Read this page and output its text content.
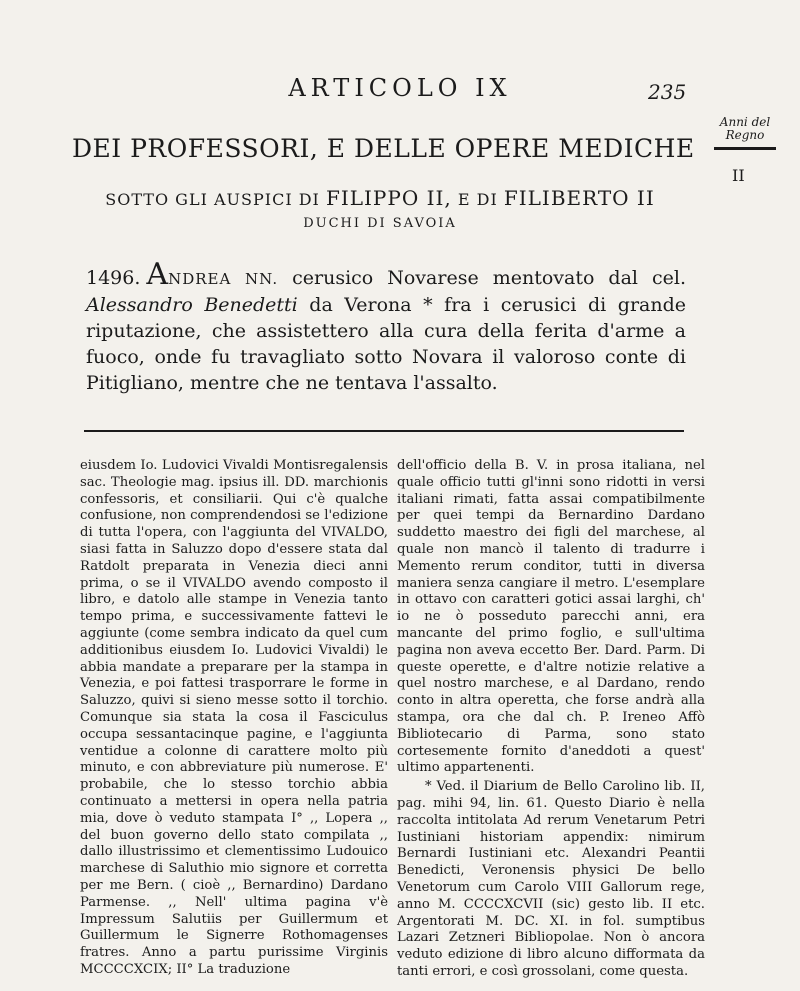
ARTICOLO IX	235
Anni del Regno
II
DEI PROFESSORI, E DELLE OPERE MEDICHE
SOTTO GLI AUSPICI DI FILIPPO II, E DI FILIBERTO II
DUCHI DI SAVOIA
1496. ANDREA NN. cerusico Novarese mentovato dal cel. Alessandro Benedetti da Verona * fra i cerusici di grande riputazione, che assistettero alla cura della ferita d'arme a fuoco, onde fu travagliato sotto Novara il valoroso conte di Pitigliano, mentre che ne tentava l'assalto.

eiusdem Io. Ludovici Vivaldi Montisregalensis sac. Theologie mag. ipsius ill. DD. marchionis confessoris, et consiliarii. Qui c'è qualche confusione, non comprendendosi se l'edizione di tutta l'opera, con l'aggiunta del VIVALDO, siasi fatta in Saluzzo dopo d'essere stata dal Ratdolt preparata in Venezia dieci anni prima, o se il VIVALDO avendo composto il libro, e datolo alle stampe in Venezia tanto tempo prima, e successivamente fattevi le aggiunte (come sembra indicato da quel cum additionibus eiusdem Io. Ludovici Vivaldi) le abbia mandate a preparare per la stampa in Venezia, e poi fattesi trasporrare le forme in Saluzzo, quivi si sieno messe sotto il torchio. Comunque sia stata la cosa il Fasciculus occupa sessantacinque pagine, e l'aggiunta ventidue a colonne di carattere molto più minuto, e con abbreviature più numerose. E' probabile, che lo stesso torchio abbia continuato a mettersi in opera nella patria mia, dove ò veduto stampata I° ,, Lopera ,, del buon governo dello stato compilata ,, dallo illustrissimo et clementissimo Ludouico marchese di Saluthio mio signore et corretta per me Bern. ( cioè ,, Bernardino) Dardano Parmense. ,, Nell' ultima pagina v'è Impressum Salutiis per Guillermum et Guillermum le Signerre Rothomagenses fratres. Anno a partu purissime Virginis MCCCCXCIX; II° La traduzione

dell'officio della B. V. in prosa italiana, nel quale officio tutti gl'inni sono ridotti in versi italiani rimati, fatta assai compatibilmente per quei tempi da Bernardino Dardano suddetto maestro dei figli del marchese, al quale non mancò il talento di tradurre i Memento rerum conditor, tutti in diversa maniera senza cangiare il metro. L'esemplare in ottavo con caratteri gotici assai larghi, ch' io ne ò posseduto parecchi anni, era mancante del primo foglio, e sull'ultima pagina non aveva eccetto Ber. Dard. Parm. Di queste operette, e d'altre notizie relative a quel nostro marchese, e al Dardano, rendo conto in altra operetta, che forse andrà alla stampa, ora che dal ch. P. Ireneo Affò Bibliotecario di Parma, sono stato cortesemente fornito d'aneddoti a quest' ultimo appartenenti.

* Ved. il Diarium de Bello Carolino lib. II, pag. mihi 94, lin. 61. Questo Diario è nella raccolta intitolata Ad rerum Venetarum Petri Iustiniani historiam appendix: nimirum Bernardi Iustiniani etc. Alexandri Peantii Benedicti, Veronensis physici De bello Venetorum cum Carolo VIII Gallorum rege, anno M. CCCCXCVII (sic) gesto lib. II etc. Argentorati M. DC. XI. in fol. sumptibus Lazari Zetzneri Bibliopolae. Non ò ancora veduto edizione di libro alcuno difformata da tanti errori, e così grossolani, come questa.
